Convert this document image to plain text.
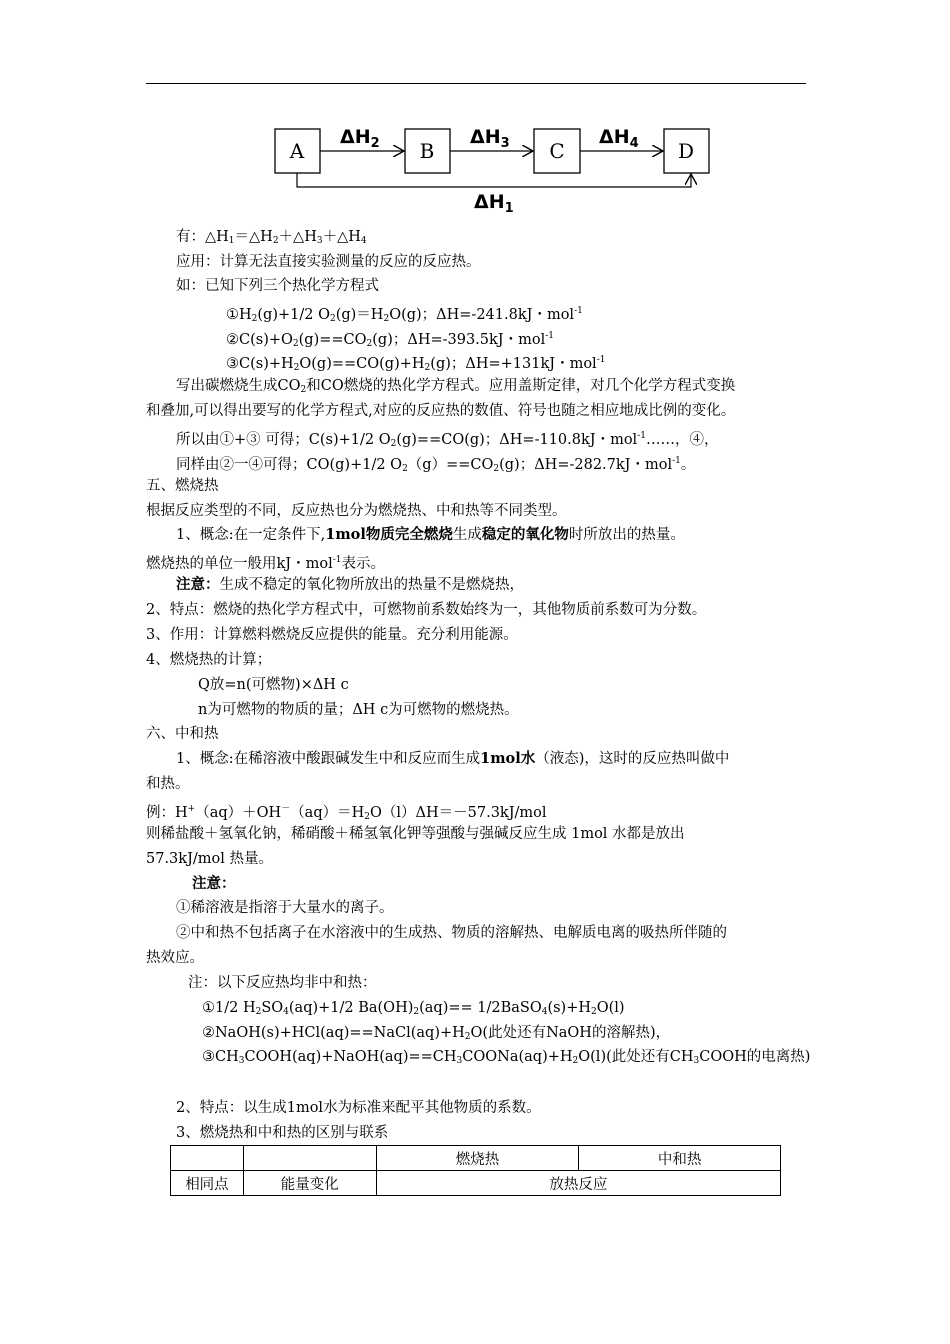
A	B	C	D
$\Delta H_2$	$\Delta H_3$	$\Delta H_4$
$\Delta H_1$
有：$\triangle H_1=\triangle H_2+\triangle H_3+\triangle H_4$
应用：计算无法直接实验测量的反应的反应热。
如：已知下列三个热化学方程式
$①H_2(g)+1/2$ $O_2(g)=H_2O(g)$；ΔH=-241.8kJ・mol$^{-1}$
$②C(s)+O_2(g)==CO_2(g)$；ΔH=-393.5kJ・mol$^{-1}$
$③C(s)+H_2O(g)==CO(g)+H_2(g)$；ΔH=+131kJ・mol$^{-1}$
写出碳燃烧生成$CO_2$和CO燃烧的热化学方程式。应用盖斯定律，对几个化学方程式变换
和叠加,可以得出要写的化学方程式,对应的反应热的数值、符号也随之相应地成比例的变化。
所以由①+③ 可得；C(s)+1/2 $O_2(g)==CO(g)$；ΔH=-110.8kJ・mol$^{-1}$……，④，
同样由②一④可得；CO(g)+1/2 $O_2(g)==CO_2(g)$；ΔH=-282.7kJ・mol$^{-1}$。
五、燃烧热
根据反应类型的不同，反应热也分为燃烧热、中和热等不同类型。
1、概念:在一定条件下,1mol物质完全燃烧生成稳定的氧化物时所放出的热量。
燃烧热的单位一般用kJ・mol$^{-1}$表示。
注意：生成不稳定的氧化物所放出的热量不是燃烧热，
2、特点：燃烧的热化学方程式中，可燃物前系数始终为一，其他物质前系数可为分数。
3、作用：计算燃料燃烧反应提供的能量。充分利用能源。
4、燃烧热的计算；
Q放=n(可燃物)×ΔH c
n为可燃物的物质的量；ΔH c为可燃物的燃烧热。
六、中和热
1、概念:在稀溶液中酸跟碱发生中和反应而生成1mol水（液态)，这时的反应热叫做中
和热。
例：$H^+(aq)+OH^-(aq)=H_2O(l)\Delta H=-57.3kJ$/mol
则稀盐酸＋氢氧化钠，稀硝酸＋稀氢氧化钾等强酸与强碱反应生成 1mol 水都是放出
57.3kJ/mol 热量。
注意：
①稀溶液是指溶于大量水的离子。
②中和热不包括离子在水溶液中的生成热、物质的溶解热、电解质电离的吸热所伴随的
热效应。
注：以下反应热均非中和热：
①1/2 $H_2SO_4(aq)+1/2$ $Ba(OH)_2(aq)==$ $1/2BaSO_4(s)+H_2O(l)$
$②NaOH(s)+HCl(aq)==NaCl(aq)+H_2O$(此处还有NaOH的溶解热)，
$③CH_3COOH(aq)+NaOH(aq)==CH_3COONa(aq)+H_2O(l)$(此处还有$CH_3COOH$的电离热)
2、特点：以生成1mol水为标准来配平其他物质的系数。
3、燃烧热和中和热的区别与联系
		燃烧热	中和热
相同点	能量变化	放热反应	
